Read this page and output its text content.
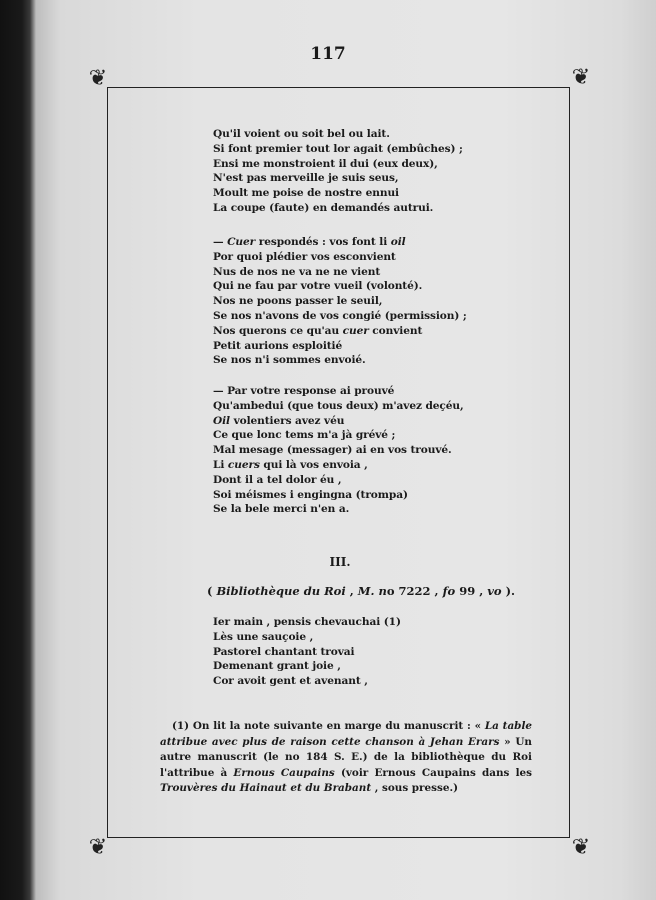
117
❦	❦
❦	❦
Qu'il voient ou soit bel ou lait.
Si font premier tout lor agait (embûches) ;
Ensi me monstroient il dui (eux deux),
N'est pas merveille je suis seus,
Moult me poise de nostre ennui
La coupe (faute) en demandés autrui.
— Cuer respondés : vos font li oil
Por quoi plédier vos esconvient
Nus de nos ne va ne ne vient
Qui ne fau par votre vueil (volonté).
Nos ne poons passer le seuil,
Se nos n'avons de vos congié (permission) ;
Nos querons ce qu'au cuer convient
Petit aurions esploitié
Se nos n'i sommes envoié.
— Par votre response ai prouvé
Qu'ambedui (que tous deux) m'avez deçéu,
Oil volentiers avez véu
Ce que lonc tems m'a jà grévé ;
Mal mesage (messager) ai en vos trouvé.
Li cuers qui là vos envoia ,
Dont il a tel dolor éu ,
Soi méismes i engingna (trompa)
Se la bele merci n'en a.
III.
( Bibliothèque du Roi , M. no 7222 , fo 99 , vo ).
Ier main , pensis chevauchai (1)
Lès une sauçoie ,
Pastorel chantant trovai
Demenant grant joie ,
Cor avoit gent et avenant ,
(1) On lit la note suivante en marge du manuscrit : « La table attribue avec plus de raison cette chanson à Jehan Erars » Un autre manuscrit (le no 184 S. E.) de la bibliothèque du Roi l'attribue à Ernous Caupains (voir Ernous Caupains dans les Trouvères du Hainaut et du Brabant , sous presse.)
